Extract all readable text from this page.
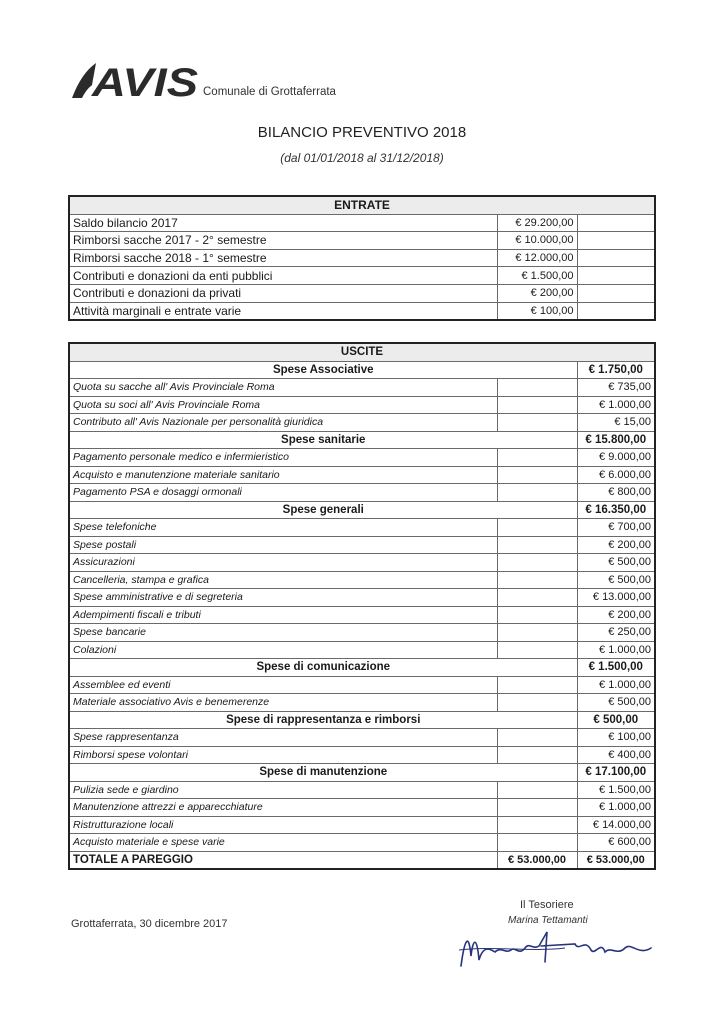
AVIS Comunale di Grottaferrata
BILANCIO PREVENTIVO 2018
(dal 01/01/2018 al 31/12/2018)
ENTRATE		
Saldo bilancio 2017	€ 29.200,00	
Rimborsi sacche 2017 - 2° semestre	€ 10.000,00	
Rimborsi sacche 2018 - 1° semestre	€ 12.000,00	
Contributi e donazioni da enti pubblici	€ 1.500,00	
Contributi e donazioni da privati	€ 200,00	
Attività marginali e entrate varie	€ 100,00	
USCITE		
Spese Associative		€ 1.750,00
Quota su sacche all' Avis Provinciale Roma		€ 735,00
Quota su soci all' Avis Provinciale Roma		€ 1.000,00
Contributo all' Avis Nazionale per personalità giuridica		€ 15,00
Spese sanitarie		€ 15.800,00
Pagamento personale medico e infermieristico		€ 9.000,00
Acquisto e manutenzione materiale sanitario		€ 6.000,00
Pagamento PSA e dosaggi ormonali		€ 800,00
Spese generali		€ 16.350,00
Spese telefoniche		€ 700,00
Spese postali		€ 200,00
Assicurazioni		€ 500,00
Cancelleria, stampa e grafica		€ 500,00
Spese amministrative e di segreteria		€ 13.000,00
Adempimenti fiscali e tributi		€ 200,00
Spese bancarie		€ 250,00
Colazioni		€ 1.000,00
Spese di comunicazione		€ 1.500,00
Assemblee ed eventi		€ 1.000,00
Materiale associativo Avis e benemerenze		€ 500,00
Spese di rappresentanza e rimborsi		€ 500,00
Spese rappresentanza		€ 100,00
Rimborsi spese volontari		€ 400,00
Spese di manutenzione		€ 17.100,00
Pulizia sede e giardino		€ 1.500,00
Manutenzione attrezzi e apparecchiature		€ 1.000,00
Ristrutturazione locali		€ 14.000,00
Acquisto materiale e spese varie		€ 600,00
TOTALE A PAREGGIO	€ 53.000,00	€ 53.000,00
Grottaferrata, 30 dicembre 2017
Il Tesoriere
Marina Tettamanti
